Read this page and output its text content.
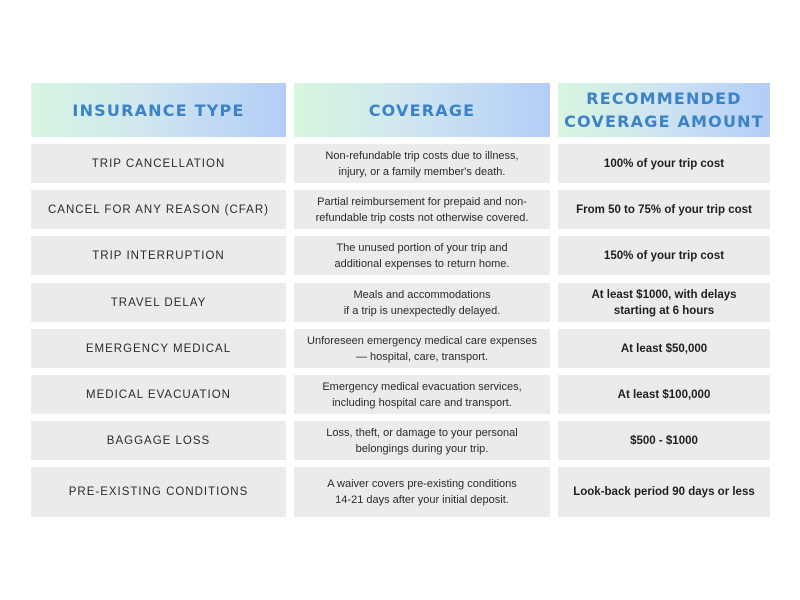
INSURANCE TYPE	COVERAGE
RECOMMENDED
COVERAGE AMOUNT
TRIP CANCELLATION
Non-refundable trip costs due to illness,
injury, or a family member's death.
100% of your trip cost
CANCEL FOR ANY REASON (CFAR)
Partial reimbursement for prepaid and non-
refundable trip costs not otherwise covered.
From 50 to 75% of your trip cost
TRIP INTERRUPTION
The unused portion of your trip and
additional expenses to return home.
150% of your trip cost
TRAVEL DELAY
Meals and accommodations
if a trip is unexpectedly delayed.
At least $1000, with delays
starting at 6 hours
EMERGENCY MEDICAL
Unforeseen emergency medical care expenses
— hospital, care, transport.
At least $50,000
MEDICAL EVACUATION
Emergency medical evacuation services,
including hospital care and transport.
At least $100,000
BAGGAGE LOSS
Loss, theft, or damage to your personal
belongings during your trip.
$500 - $1000
PRE-EXISTING CONDITIONS
A waiver covers pre-existing conditions
14-21 days after your initial deposit.
Look-back period 90 days or less
